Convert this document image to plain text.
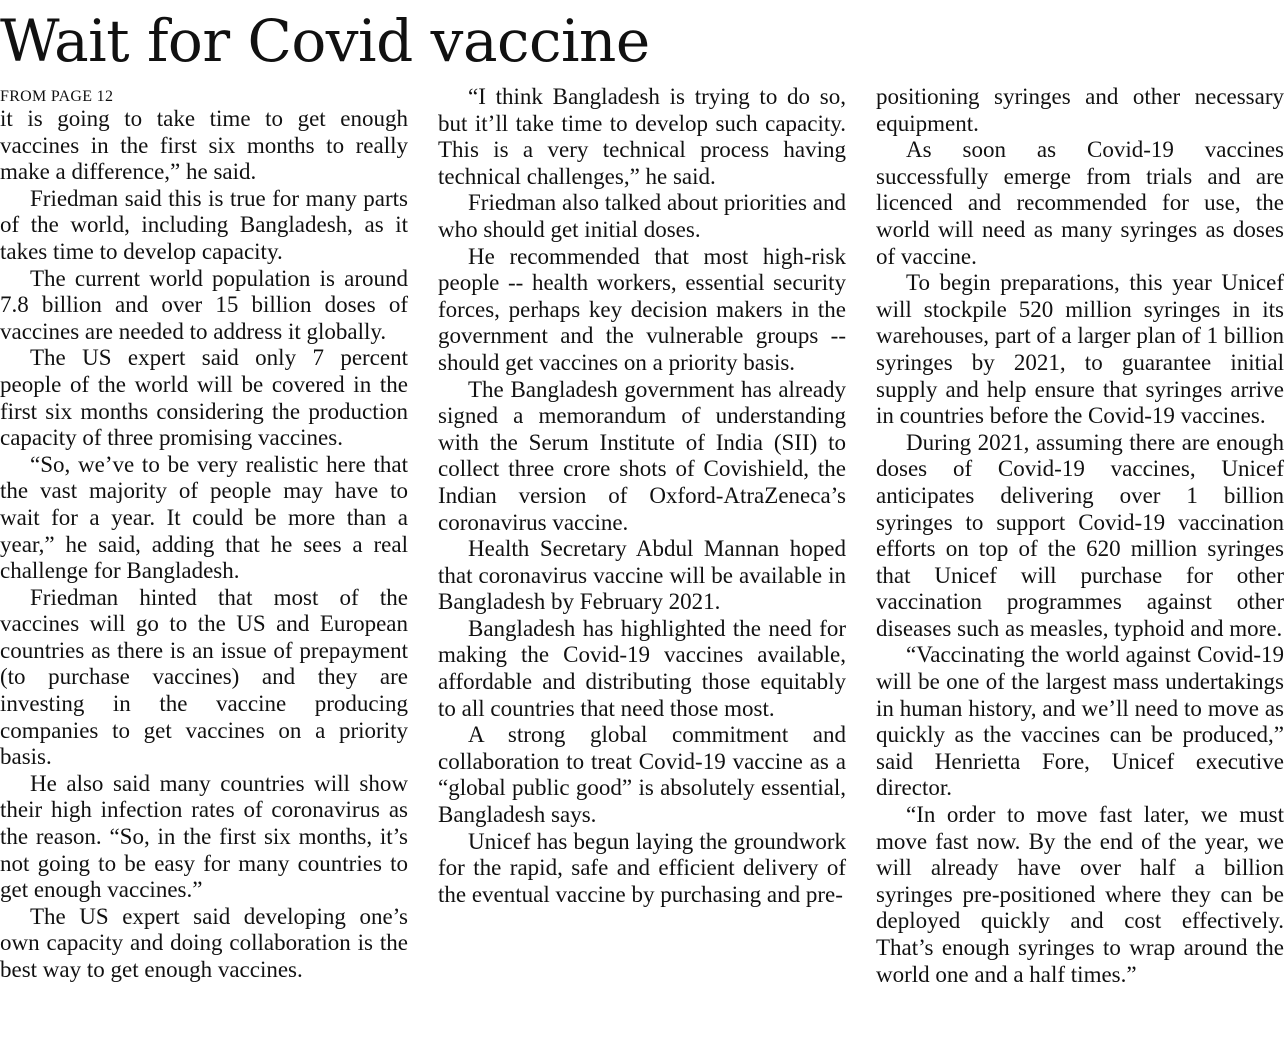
Wait for Covid vaccine
FROM PAGE 12

it is going to take time to get enough vaccines in the first six months to really make a difference,” he said.

Friedman said this is true for many parts of the world, including Bangladesh, as it takes time to develop capacity.

The current world population is around 7.8 billion and over 15 billion doses of vaccines are needed to address it globally.

The US expert said only 7 percent people of the world will be covered in the first six months considering the production capacity of three promising vaccines.

“So, we’ve to be very realistic here that the vast majority of people may have to wait for a year. It could be more than a year,” he said, adding that he sees a real challenge for Bangladesh.

Friedman hinted that most of the vaccines will go to the US and European countries as there is an issue of prepayment (to purchase vaccines) and they are investing in the vaccine producing companies to get vaccines on a priority basis.

He also said many countries will show their high infection rates of coronavirus as the reason. “So, in the first six months, it’s not going to be easy for many countries to get enough vaccines.”

The US expert said developing one’s own capacity and doing collaboration is the best way to get enough vaccines.

“I think Bangladesh is trying to do so, but it’ll take time to develop such capacity. This is a very technical process having technical challenges,” he said.

Friedman also talked about priorities and who should get initial doses.

He recommended that most high-risk people -- health workers, essential security forces, perhaps key decision makers in the government and the vulnerable groups -- should get vaccines on a priority basis.

The Bangladesh government has already signed a memorandum of understanding with the Serum Institute of India (SII) to collect three crore shots of Covishield, the Indian version of Oxford-AtraZeneca’s coronavirus vaccine.

Health Secretary Abdul Mannan hoped that coronavirus vaccine will be available in Bangladesh by February 2021.

Bangladesh has highlighted the need for making the Covid-19 vaccines available, affordable and distributing those equitably to all countries that need those most.

A strong global commitment and collaboration to treat Covid-19 vaccine as a “global public good” is absolutely essential, Bangladesh says.

Unicef has begun laying the groundwork for the rapid, safe and efficient delivery of the eventual vaccine by purchasing and pre-

positioning syringes and other necessary equipment.

As soon as Covid-19 vaccines successfully emerge from trials and are licenced and recommended for use, the world will need as many syringes as doses of vaccine.

To begin preparations, this year Unicef will stockpile 520 million syringes in its warehouses, part of a larger plan of 1 billion syringes by 2021, to guarantee initial supply and help ensure that syringes arrive in countries before the Covid-19 vaccines.

During 2021, assuming there are enough doses of Covid-19 vaccines, Unicef anticipates delivering over 1 billion syringes to support Covid-19 vaccination efforts on top of the 620 million syringes that Unicef will purchase for other vaccination programmes against other diseases such as measles, typhoid and more.

“Vaccinating the world against Covid-19 will be one of the largest mass undertakings in human history, and we’ll need to move as quickly as the vaccines can be produced,” said Henrietta Fore, Unicef executive director.

“In order to move fast later, we must move fast now. By the end of the year, we will already have over half a billion syringes pre-positioned where they can be deployed quickly and cost effectively. That’s enough syringes to wrap around the world one and a half times.”
